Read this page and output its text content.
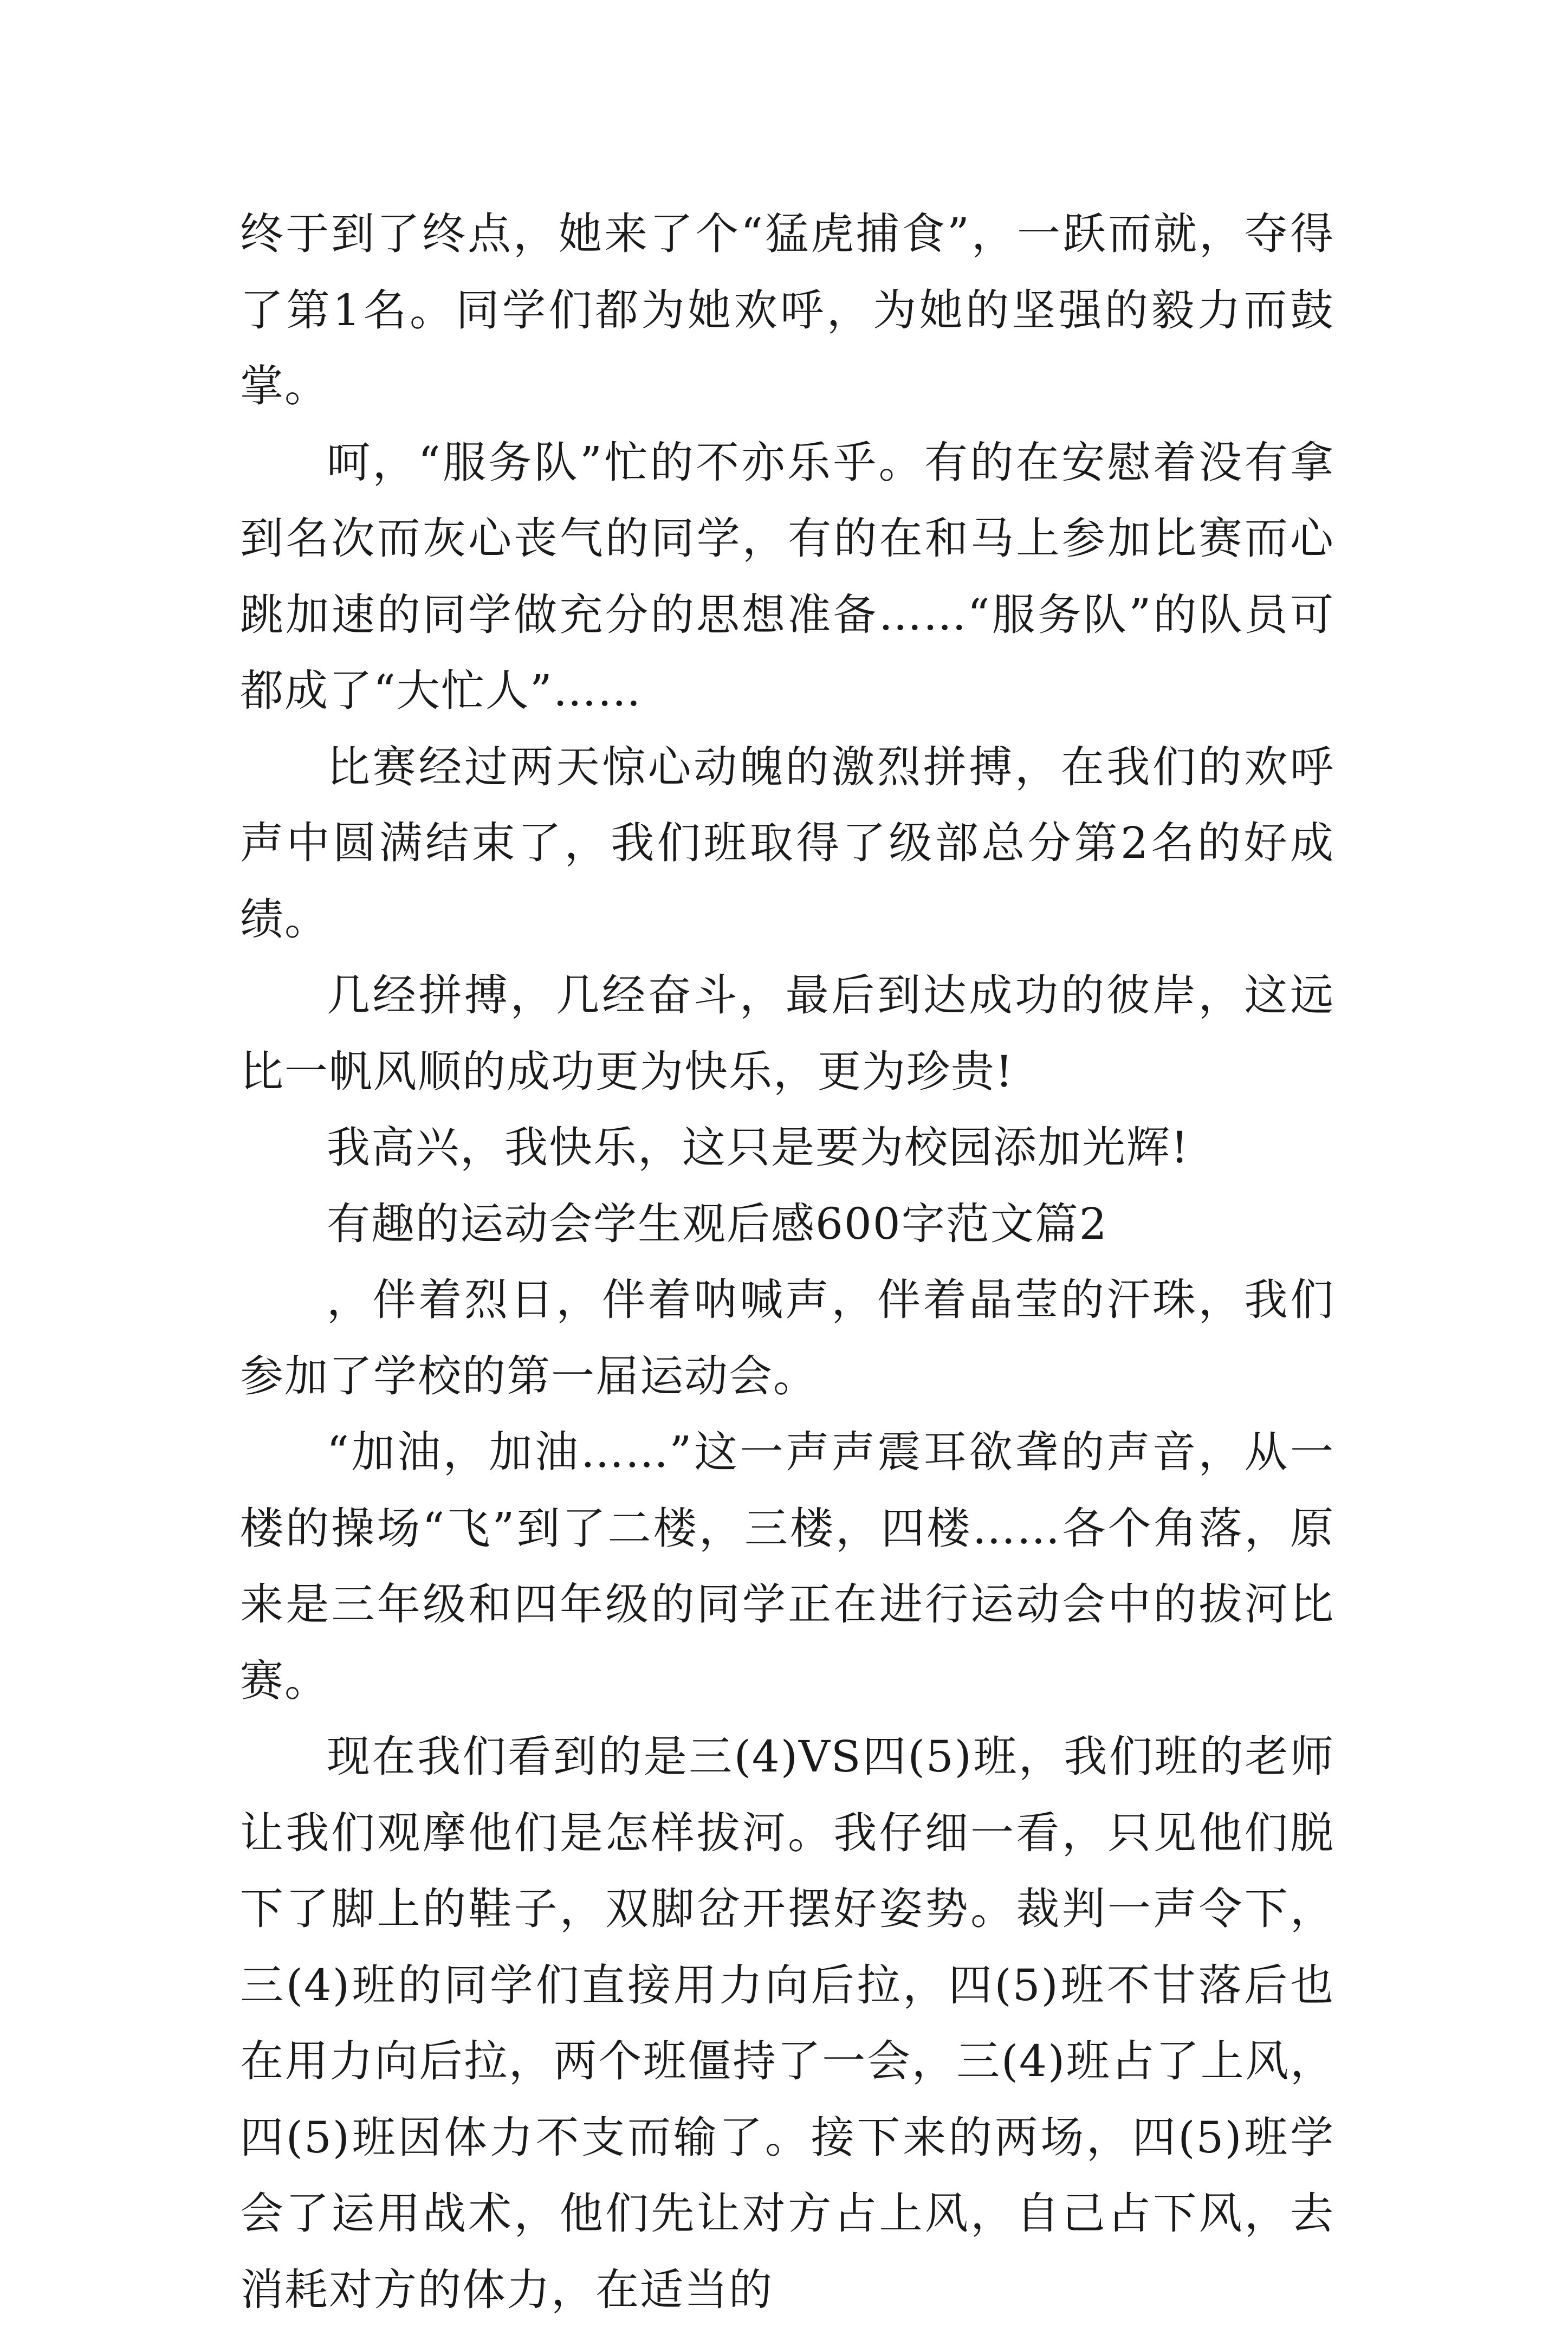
终于到了终点，她来了个“猛虎捕食”，一跃而就，夺得了第1名。同学们都为她欢呼，为她的坚强的毅力而鼓掌。

呵，“服务队”忙的不亦乐乎。有的在安慰着没有拿到名次而灰心丧气的同学，有的在和马上参加比赛而心跳加速的同学做充分的思想准备……“服务队”的队员可都成了“大忙人”……

比赛经过两天惊心动魄的激烈拼搏，在我们的欢呼声中圆满结束了，我们班取得了级部总分第2名的好成绩。

几经拼搏，几经奋斗，最后到达成功的彼岸，这远比一帆风顺的成功更为快乐，更为珍贵!

我高兴，我快乐，这只是要为校园添加光辉!

有趣的运动会学生观后感600字范文篇2

，伴着烈日，伴着呐喊声，伴着晶莹的汗珠，我们参加了学校的第一届运动会。

“加油，加油……”这一声声震耳欲聋的声音，从一楼的操场“飞”到了二楼，三楼，四楼……各个角落，原来是三年级和四年级的同学正在进行运动会中的拔河比赛。

现在我们看到的是三(4)VS四(5)班，我们班的老师让我们观摩他们是怎样拔河。我仔细一看，只见他们脱下了脚上的鞋子，双脚岔开摆好姿势。裁判一声令下，三(4)班的同学们直接用力向后拉，四(5)班不甘落后也在用力向后拉，两个班僵持了一会，三(4)班占了上风，四(5)班因体力不支而输了。接下来的两场，四(5)班学会了运用战术，他们先让对方占上风，自己占下风，去消耗对方的体力，在适当的
